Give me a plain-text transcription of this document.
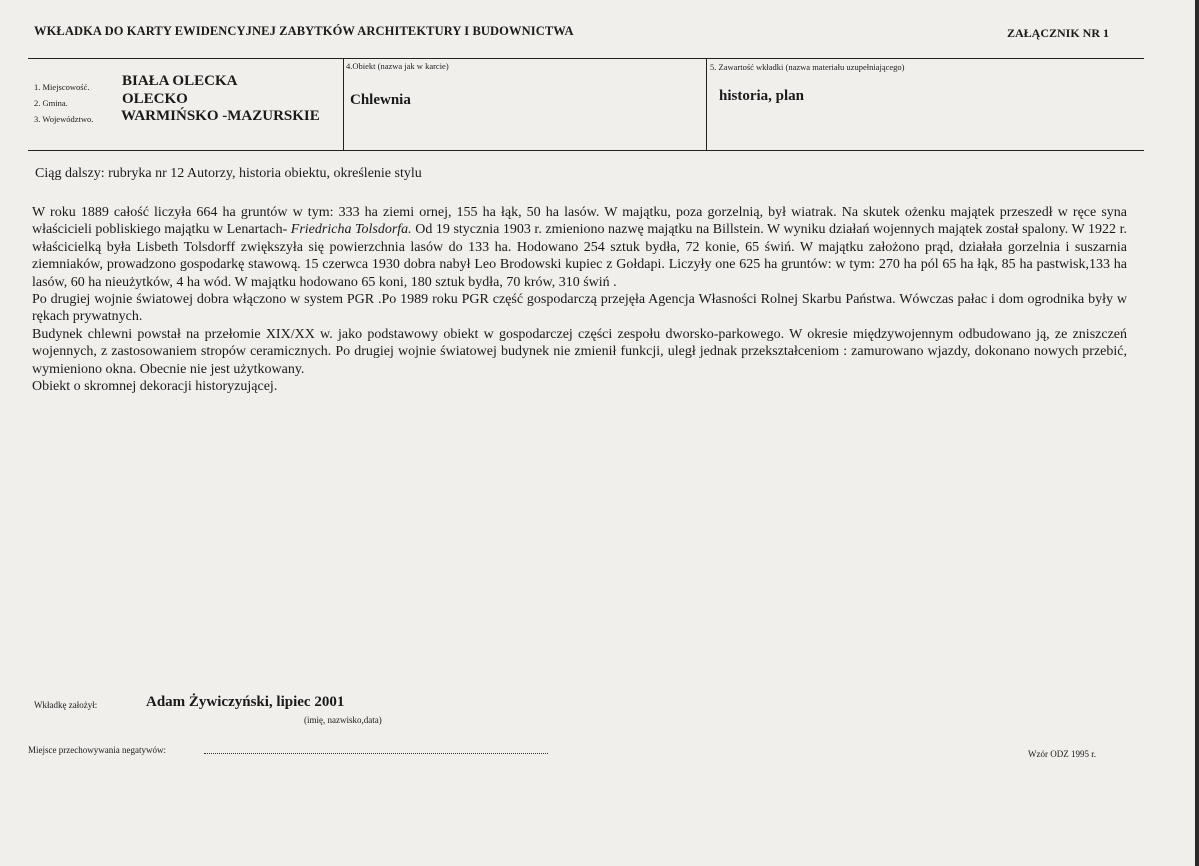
WKŁADKA DO KARTY EWIDENCYJNEJ ZABYTKÓW ARCHITEKTURY I BUDOWNICTWA	ZAŁĄCZNIK NR 1
1. Miejscowość. BIAŁA OLECKA
2. Gmina.	OLECKO
3. Województwo. WARMIŃSKO -MAZURSKIE
4.Obiekt (nazwa jak w karcie)
Chlewnia
5. Zawartość wkładki (nazwa materiału uzupełniającego)
historia, plan
Ciąg dalszy: rubryka nr 12 Autorzy, historia obiektu, określenie stylu

W roku 1889 całość liczyła 664 ha gruntów w tym: 333 ha ziemi ornej, 155 ha łąk, 50 ha lasów. W majątku, poza gorzelnią, był wiatrak. Na skutek ożenku majątek przeszedł w ręce syna właścicieli pobliskiego majątku w Lenartach- Friedricha Tolsdorfa. Od 19 stycznia 1903 r. zmieniono nazwę majątku na Billstein. W wyniku działań wojennych majątek został spalony. W 1922 r. właścicielką była Lisbeth Tolsdorff zwiększyła się powierzchnia lasów do 133 ha. Hodowano 254 sztuk bydła, 72 konie, 65 świń. W majątku założono prąd, działała gorzelnia i suszarnia ziemniaków, prowadzono gospodarkę stawową. 15 czerwca 1930 dobra nabył Leo Brodowski kupiec z Gołdapi. Liczyły one 625 ha gruntów: w tym: 270 ha pól 65 ha łąk, 85 ha pastwisk,133 ha lasów, 60 ha nieużytków, 4 ha wód. W majątku hodowano 65 koni, 180 sztuk bydła, 70 krów, 310 świń .

Po drugiej wojnie światowej dobra włączono w system PGR .Po 1989 roku PGR część gospodarczą przejęła Agencja Własności Rolnej Skarbu Państwa. Wówczas pałac i dom ogrodnika były w rękach prywatnych.

Budynek chlewni powstał na przełomie XIX/XX w. jako podstawowy obiekt w gospodarczej części zespołu dworsko-parkowego. W okresie międzywojennym odbudowano ją, ze zniszczeń wojennych, z zastosowaniem stropów ceramicznych. Po drugiej wojnie światowej budynek nie zmienił funkcji, uległ jednak przekształceniom : zamurowano wjazdy, dokonano nowych przebić, wymieniono okna. Obecnie nie jest użytkowany.

Obiekt o skromnej dekoracji historyzującej.

Wkładkę założył:	Adam Żywiczyński, lipiec 2001
(imię, nazwisko,data)
Miejsce przechowywania negatywów:	Wzór ODZ 1995 r.
